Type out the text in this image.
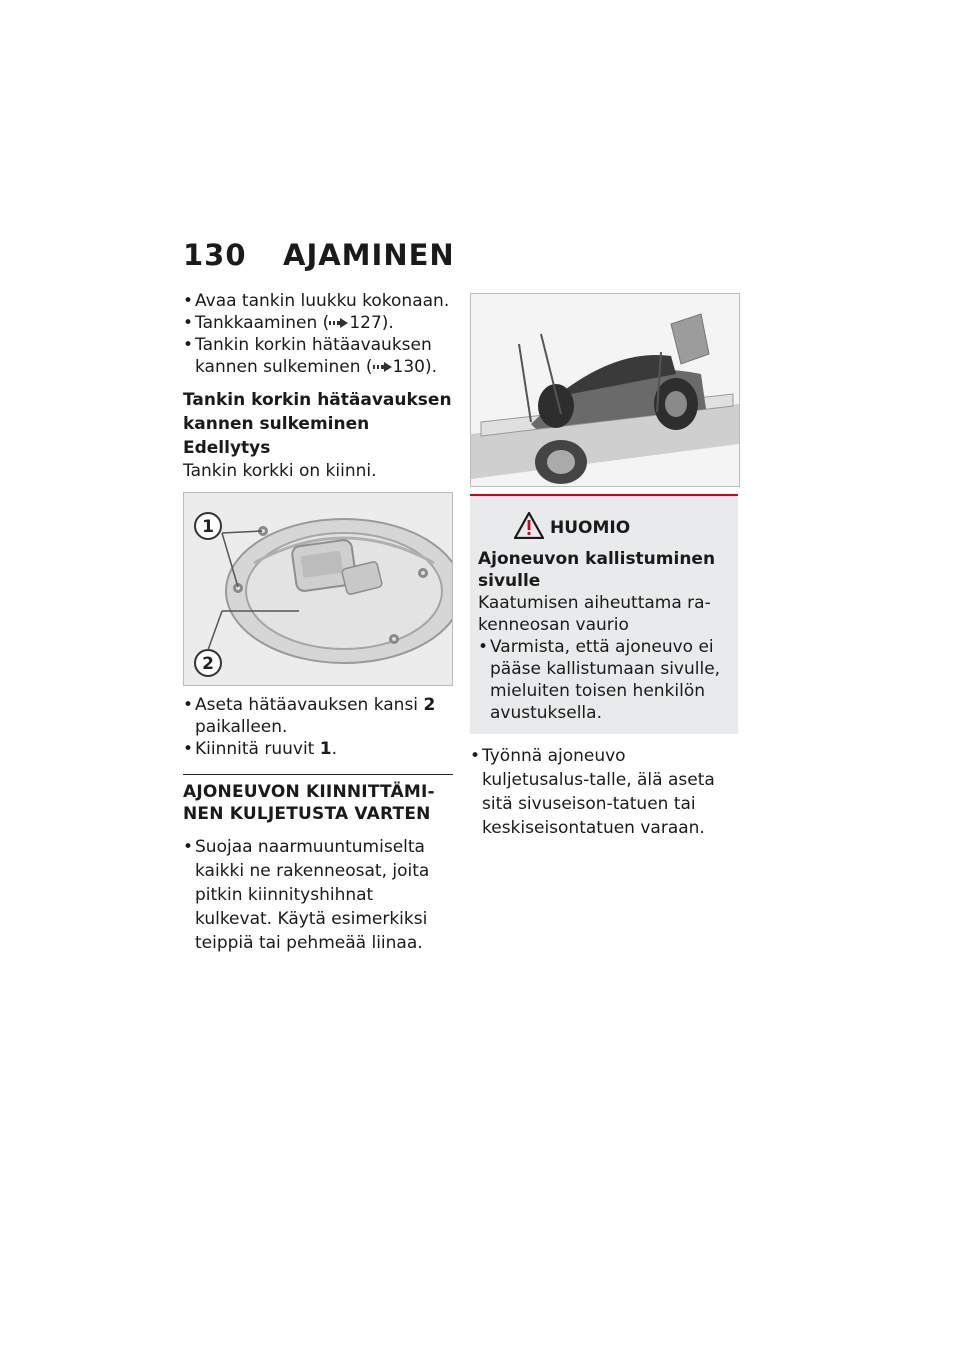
130 AJAMINEN
• Avaa tankin luukku kokonaan.
• Tankkaaminen ( 127).
• Tankin korkin hätäavauksen kannen sulkeminen ( 130).
Tankin korkin hätäavauksen kannen sulkeminen
Edellytys

Tankin korkki on kiinni.

1
2
• Aseta hätäavauksen kansi 2 paikalleen.
• Kiinnitä ruuvit 1.
AJONEUVON KIINNITTÄMI-NEN KULJETUSTA VARTEN
• Suojaa naarmuuntumiselta kaikki ne rakenneosat, joita pitkin kiinnityshihnat kulkevat. Käytä esimerkiksi teippiä tai pehmeää liinaa.
HUOMIO
Ajoneuvon kallistuminen sivulle
Kaatumisen aiheuttama ra-kenneosan vaurio
• Varmista, että ajoneuvo ei pääse kallistumaan sivulle, mieluiten toisen henkilön avustuksella.
• Työnnä ajoneuvo kuljetusalus-talle, älä aseta sitä sivuseison-tatuen tai keskiseisontatuen varaan.
